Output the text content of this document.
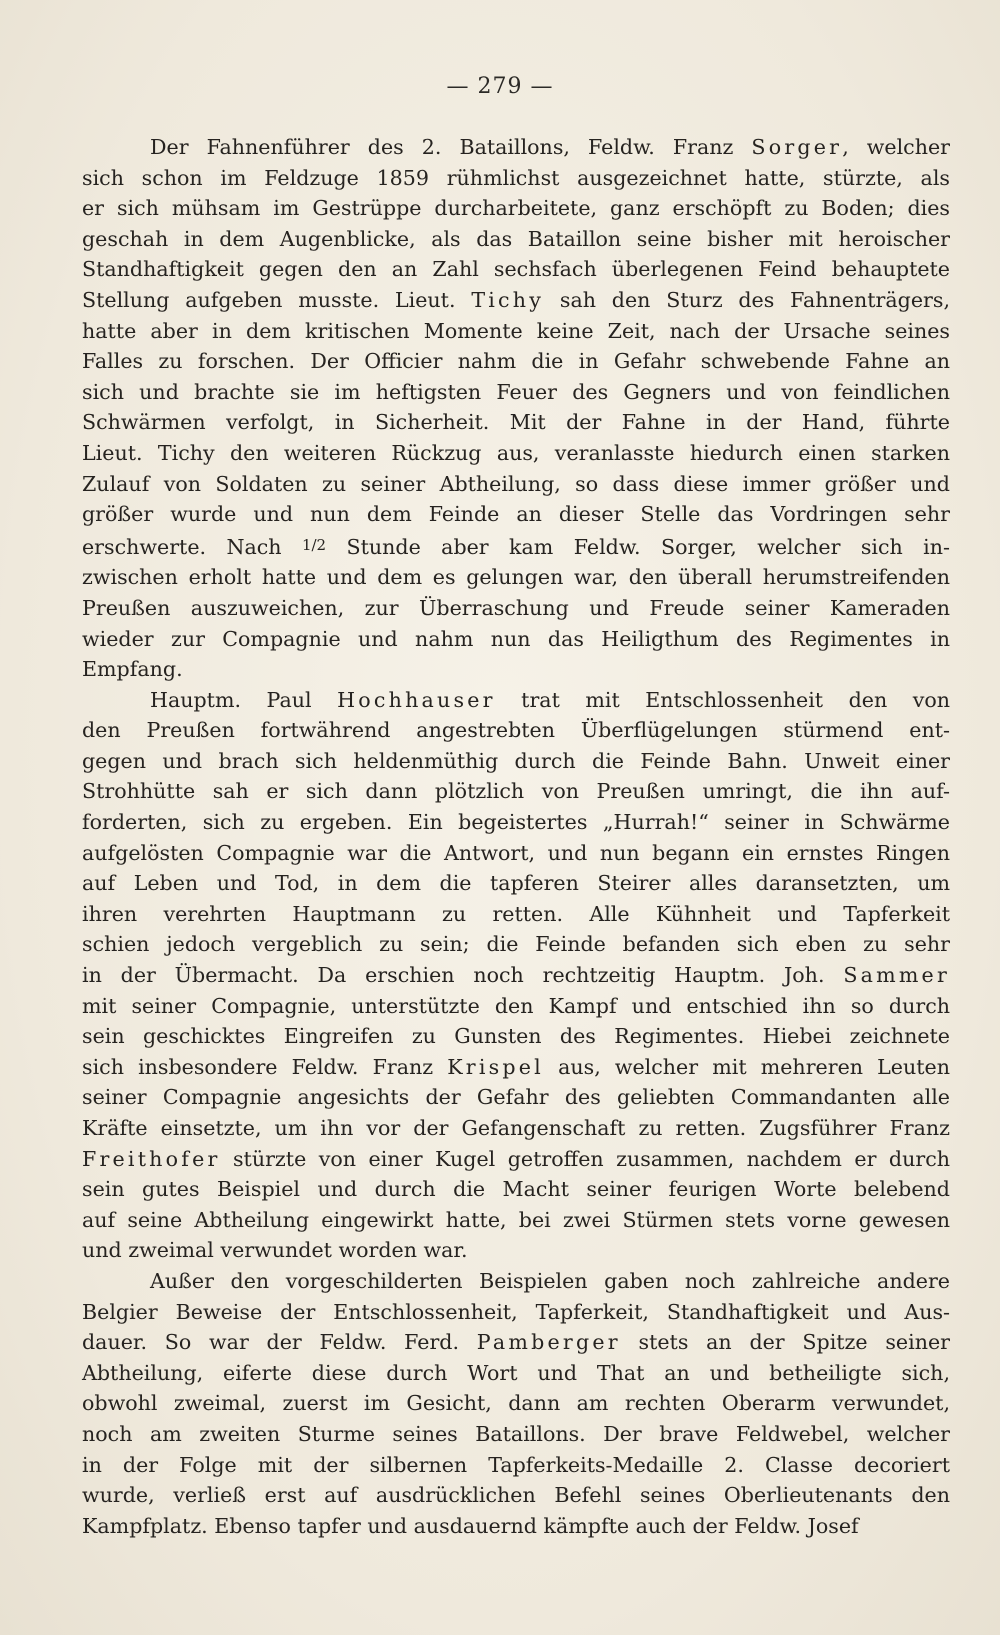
— 279 —
Der Fahnenführer des 2. Bataillons, Feldw. Franz Sorger, welcher
sich schon im Feldzuge 1859 rühmlichst ausgezeichnet hatte, stürzte, als
er sich mühsam im Gestrüppe durcharbeitete, ganz erschöpft zu Boden; dies
geschah in dem Augenblicke, als das Bataillon seine bisher mit heroischer
Standhaftigkeit gegen den an Zahl sechsfach überlegenen Feind behauptete
Stellung aufgeben musste. Lieut. Tichy sah den Sturz des Fahnenträgers,
hatte aber in dem kritischen Momente keine Zeit, nach der Ursache seines
Falles zu forschen. Der Officier nahm die in Gefahr schwebende Fahne an
sich und brachte sie im heftigsten Feuer des Gegners und von feindlichen
Schwärmen verfolgt, in Sicherheit. Mit der Fahne in der Hand, führte
Lieut. Tichy den weiteren Rückzug aus, veranlasste hiedurch einen starken
Zulauf von Soldaten zu seiner Abtheilung, so dass diese immer größer und
größer wurde und nun dem Feinde an dieser Stelle das Vordringen sehr
erschwerte. Nach 1/2 Stunde aber kam Feldw. Sorger, welcher sich in-
zwischen erholt hatte und dem es gelungen war, den überall herumstreifenden
Preußen auszuweichen, zur Überraschung und Freude seiner Kameraden
wieder zur Compagnie und nahm nun das Heiligthum des Regimentes in
Empfang.
Hauptm. Paul Hochhauser trat mit Entschlossenheit den von
den Preußen fortwährend angestrebten Überflügelungen stürmend ent-
gegen und brach sich heldenmüthig durch die Feinde Bahn. Unweit einer
Strohhütte sah er sich dann plötzlich von Preußen umringt, die ihn auf-
forderten, sich zu ergeben. Ein begeistertes „Hurrah!“ seiner in Schwärme
aufgelösten Compagnie war die Antwort, und nun begann ein ernstes Ringen
auf Leben und Tod, in dem die tapferen Steirer alles daransetzten, um
ihren verehrten Hauptmann zu retten. Alle Kühnheit und Tapferkeit
schien jedoch vergeblich zu sein; die Feinde befanden sich eben zu sehr
in der Übermacht. Da erschien noch rechtzeitig Hauptm. Joh. Sammer
mit seiner Compagnie, unterstützte den Kampf und entschied ihn so durch
sein geschicktes Eingreifen zu Gunsten des Regimentes. Hiebei zeichnete
sich insbesondere Feldw. Franz Krispel aus, welcher mit mehreren Leuten
seiner Compagnie angesichts der Gefahr des geliebten Commandanten alle
Kräfte einsetzte, um ihn vor der Gefangenschaft zu retten. Zugsführer Franz
Freithofer stürzte von einer Kugel getroffen zusammen, nachdem er durch
sein gutes Beispiel und durch die Macht seiner feurigen Worte belebend
auf seine Abtheilung eingewirkt hatte, bei zwei Stürmen stets vorne gewesen
und zweimal verwundet worden war.
Außer den vorgeschilderten Beispielen gaben noch zahlreiche andere
Belgier Beweise der Entschlossenheit, Tapferkeit, Standhaftigkeit und Aus-
dauer. So war der Feldw. Ferd. Pamberger stets an der Spitze seiner
Abtheilung, eiferte diese durch Wort und That an und betheiligte sich,
obwohl zweimal, zuerst im Gesicht, dann am rechten Oberarm verwundet,
noch am zweiten Sturme seines Bataillons. Der brave Feldwebel, welcher
in der Folge mit der silbernen Tapferkeits-Medaille 2. Classe decoriert
wurde, verließ erst auf ausdrücklichen Befehl seines Oberlieutenants den
Kampfplatz. Ebenso tapfer und ausdauernd kämpfte auch der Feldw. Josef
